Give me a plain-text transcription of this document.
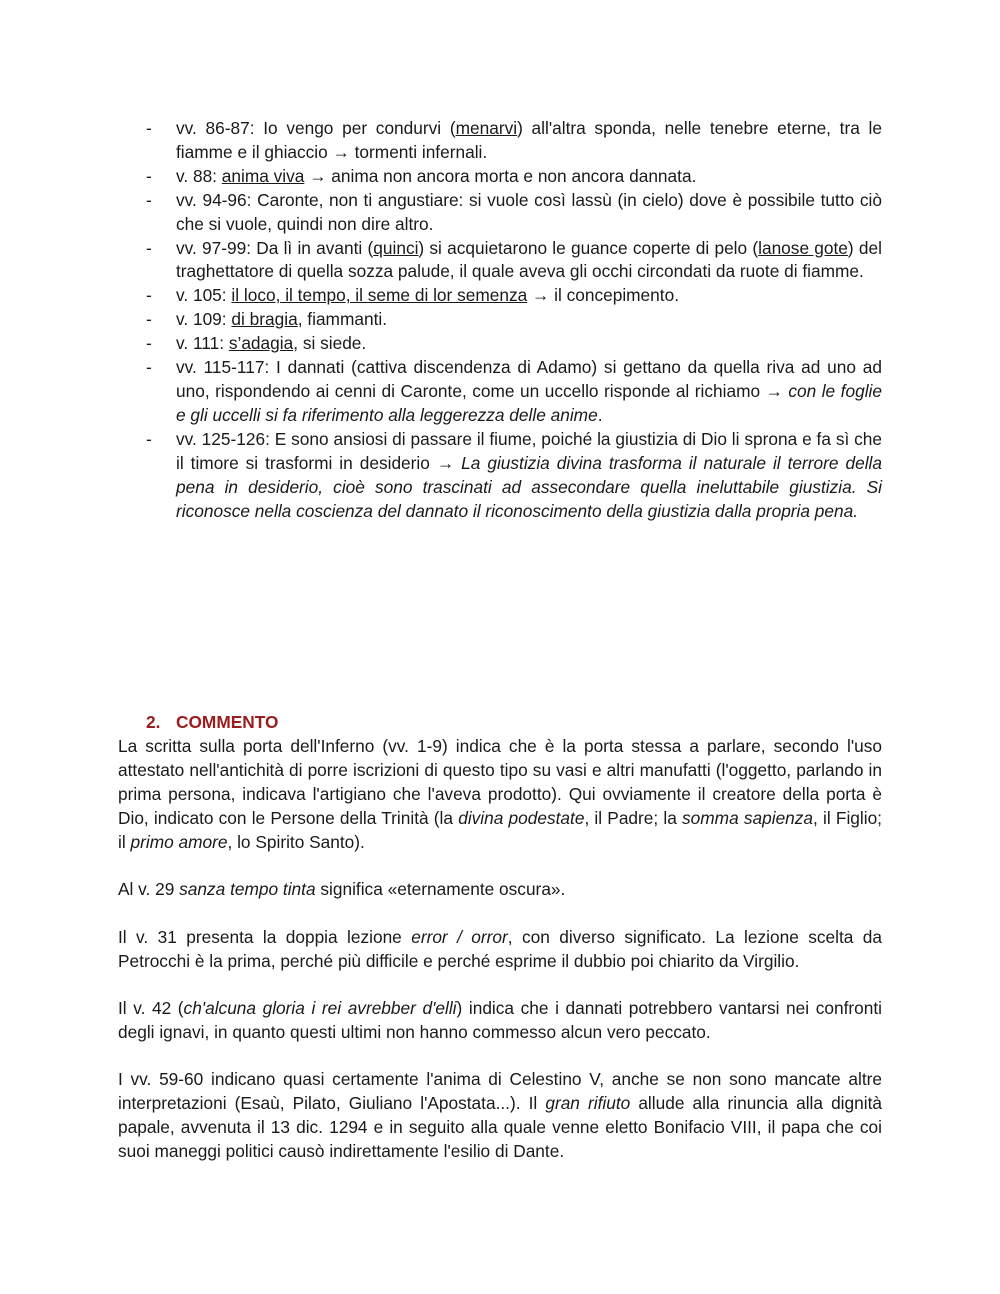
- vv. 86-87: Io vengo per condurvi (menarvi) all'altra sponda, nelle tenebre eterne, tra le fiamme e il ghiaccio → tormenti infernali.
- v. 88: anima viva → anima non ancora morta e non ancora dannata.
- vv. 94-96: Caronte, non ti angustiare: si vuole così lassù (in cielo) dove è possibile tutto ciò che si vuole, quindi non dire altro.
- vv. 97-99: Da lì in avanti (quinci) si acquietarono le guance coperte di pelo (lanose gote) del traghettatore di quella sozza palude, il quale aveva gli occhi circondati da ruote di fiamme.
- v. 105: il loco, il tempo, il seme di lor semenza → il concepimento.
- v. 109: di bragia, fiammanti.
- v. 111: s’adagia, si siede.
- vv. 115-117: I dannati (cattiva discendenza di Adamo) si gettano da quella riva ad uno ad uno, rispondendo ai cenni di Caronte, come un uccello risponde al richiamo → con le foglie e gli uccelli si fa riferimento alla leggerezza delle anime.
- vv. 125-126: E sono ansiosi di passare il fiume, poiché la giustizia di Dio li sprona e fa sì che il timore si trasformi in desiderio → La giustizia divina trasforma il naturale il terrore della pena in desiderio, cioè sono trascinati ad assecondare quella ineluttabile giustizia. Si riconosce nella coscienza del dannato il riconoscimento della giustizia dalla propria pena.
2. COMMENTO

La scritta sulla porta dell'Inferno (vv. 1-9) indica che è la porta stessa a parlare, secondo l'uso attestato nell'antichità di porre iscrizioni di questo tipo su vasi e altri manufatti (l'oggetto, parlando in prima persona, indicava l'artigiano che l'aveva prodotto). Qui ovviamente il creatore della porta è Dio, indicato con le Persone della Trinità (la divina podestate, il Padre; la somma sapienza, il Figlio; il primo amore, lo Spirito Santo).

Al v. 29 sanza tempo tinta significa «eternamente oscura».

Il v. 31 presenta la doppia lezione error / orror, con diverso significato. La lezione scelta da Petrocchi è la prima, perché più difficile e perché esprime il dubbio poi chiarito da Virgilio.

Il v. 42 (ch'alcuna gloria i rei avrebber d'elli) indica che i dannati potrebbero vantarsi nei confronti degli ignavi, in quanto questi ultimi non hanno commesso alcun vero peccato.

I vv. 59-60 indicano quasi certamente l'anima di Celestino V, anche se non sono mancate altre interpretazioni (Esaù, Pilato, Giuliano l'Apostata...). Il gran rifiuto allude alla rinuncia alla dignità papale, avvenuta il 13 dic. 1294 e in seguito alla quale venne eletto Bonifacio VIII, il papa che coi suoi maneggi politici causò indirettamente l'esilio di Dante.
